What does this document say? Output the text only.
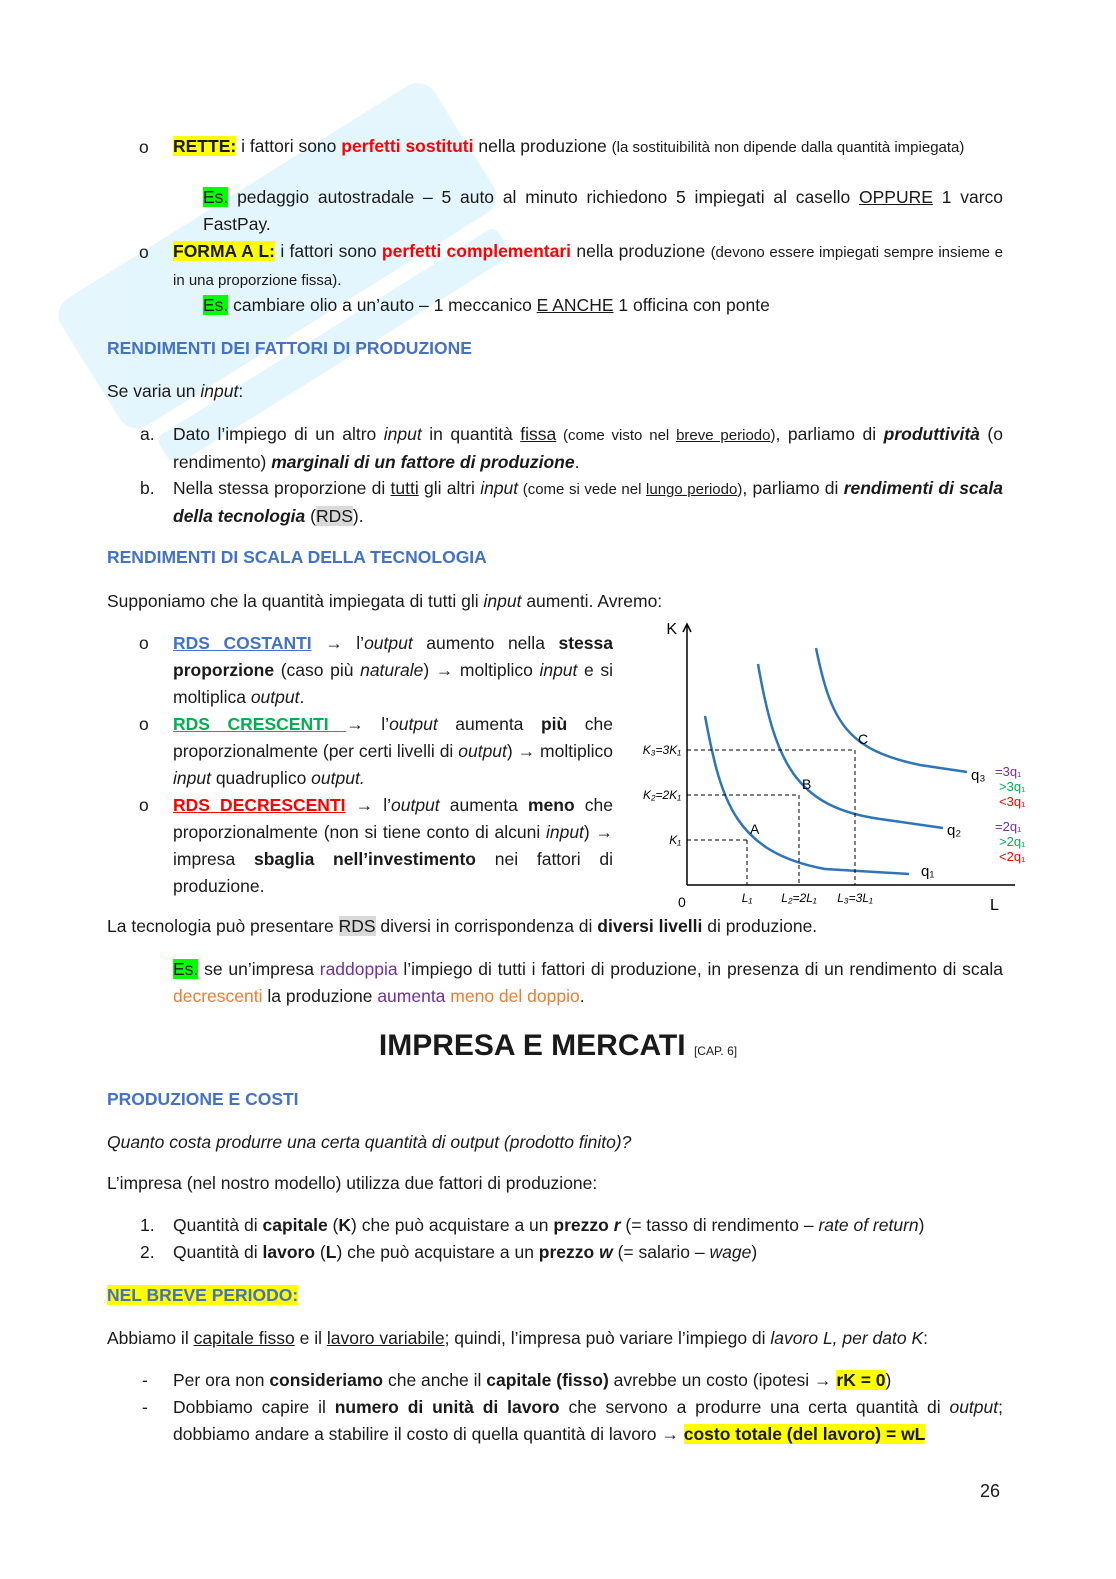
o RETTE: i fattori sono perfetti sostituti nella produzione (la sostituibilità non dipende dalla quantità impiegata)
Es. pedaggio autostradale – 5 auto al minuto richiedono 5 impiegati al casello OPPURE 1 varco FastPay.
o FORMA A L: i fattori sono perfetti complementari nella produzione (devono essere impiegati sempre insieme e in una proporzione fissa).
Es. cambiare olio a un’auto – 1 meccanico E ANCHE 1 officina con ponte
RENDIMENTI DEI FATTORI DI PRODUZIONE
Se varia un input:
a. Dato l’impiego di un altro input in quantità fissa (come visto nel breve periodo), parliamo di produttività (o rendimento) marginali di un fattore di produzione.
b. Nella stessa proporzione di tutti gli altri input (come si vede nel lungo periodo), parliamo di rendimenti di scala della tecnologia (RDS).
RENDIMENTI DI SCALA DELLA TECNOLOGIA
Supponiamo che la quantità impiegata di tutti gli input aumenti. Avremo:
o RDS COSTANTI → l’output aumento nella stessa proporzione (caso più naturale) → moltiplico input e si moltiplica output.
o RDS CRESCENTI → l’output aumenta più che proporzionalmente (per certi livelli di output) → moltiplico input quadruplico output.
o RDS DECRESCENTI → l’output aumenta meno che proporzionalmente (non si tiene conto di alcuni input) → impresa sbaglia nell’investimento nei fattori di produzione.
K
L
0
q₁
q₂	=2q₁
>2q₁
<2q₁
q₃ =3q₁
>3q₁
<3q₁
A
K₁
L₁
B
K₂=2K₁
L₂=2L₁
C
K₃=3K₁
L₃=3L₁
La tecnologia può presentare RDS diversi in corrispondenza di diversi livelli di produzione.
Es. se un’impresa raddoppia l’impiego di tutti i fattori di produzione, in presenza di un rendimento di scala decrescenti la produzione aumenta meno del doppio.
IMPRESA E MERCATI [CAP. 6]
PRODUZIONE E COSTI
Quanto costa produrre una certa quantità di output (prodotto finito)?
L’impresa (nel nostro modello) utilizza due fattori di produzione:
1. Quantità di capitale (K) che può acquistare a un prezzo r (= tasso di rendimento – rate of return)
2. Quantità di lavoro (L) che può acquistare a un prezzo w (= salario – wage)
NEL BREVE PERIODO:
Abbiamo il capitale fisso e il lavoro variabile; quindi, l’impresa può variare l’impiego di lavoro L, per dato K:
- Per ora non consideriamo che anche il capitale (fisso) avrebbe un costo (ipotesi → rK = 0)
- Dobbiamo capire il numero di unità di lavoro che servono a produrre una certa quantità di output; dobbiamo andare a stabilire il costo di quella quantità di lavoro → costo totale (del lavoro) = wL
26
